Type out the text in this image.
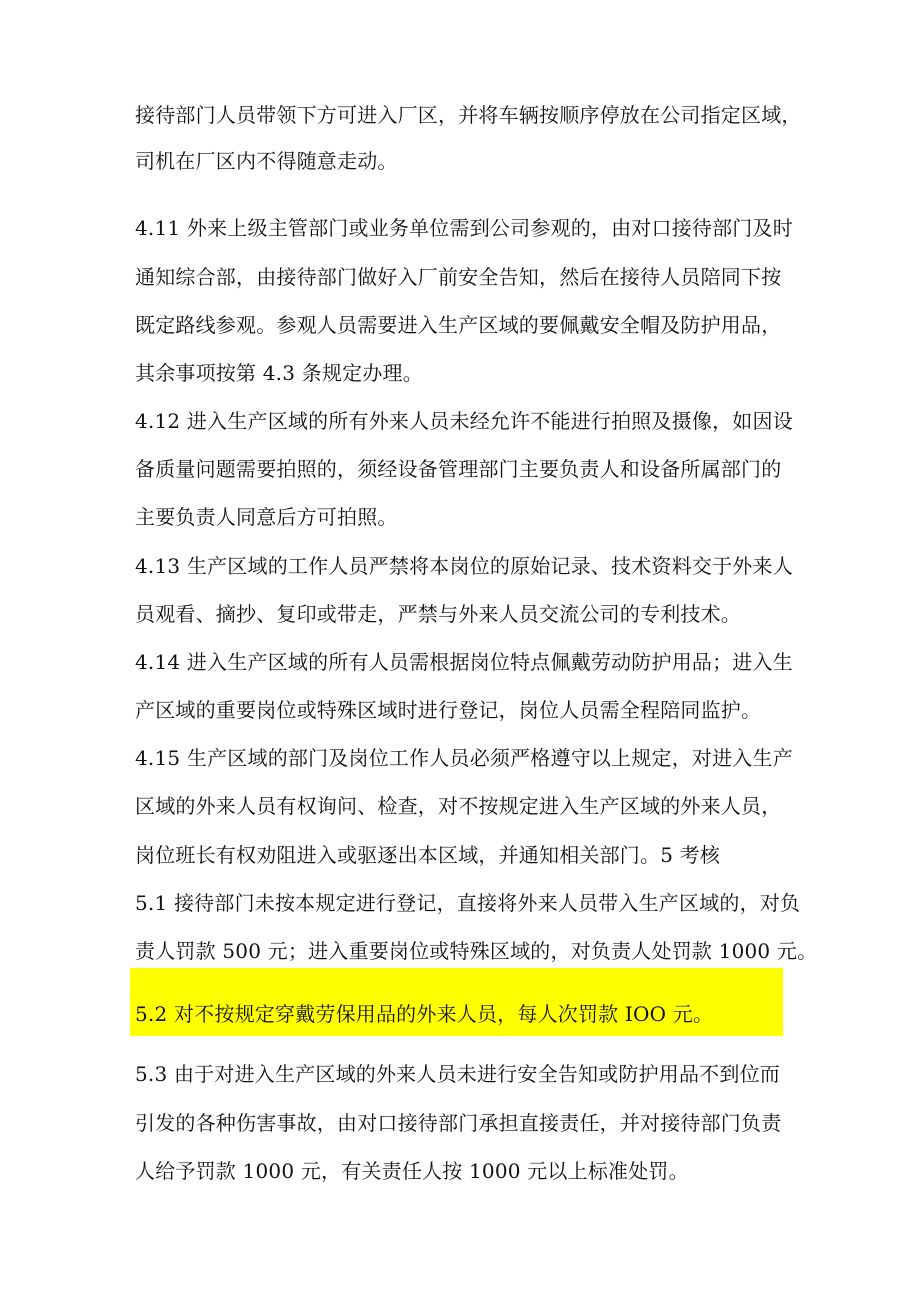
接待部门人员带领下方可进入厂区，并将车辆按顺序停放在公司指定区域，
司机在厂区内不得随意走动。
4.11 外来上级主管部门或业务单位需到公司参观的，由对口接待部门及时
通知综合部，由接待部门做好入厂前安全告知，然后在接待人员陪同下按
既定路线参观。参观人员需要进入生产区域的要佩戴安全帽及防护用品，
其余事项按第 4.3 条规定办理。
4.12 进入生产区域的所有外来人员未经允许不能进行拍照及摄像，如因设
备质量问题需要拍照的，须经设备管理部门主要负责人和设备所属部门的
主要负责人同意后方可拍照。
4.13 生产区域的工作人员严禁将本岗位的原始记录、技术资料交于外来人
员观看、摘抄、复印或带走，严禁与外来人员交流公司的专利技术。
4.14 进入生产区域的所有人员需根据岗位特点佩戴劳动防护用品；进入生
产区域的重要岗位或特殊区域时进行登记，岗位人员需全程陪同监护。
4.15 生产区域的部门及岗位工作人员必须严格遵守以上规定，对进入生产
区域的外来人员有权询问、检查，对不按规定进入生产区域的外来人员，
岗位班长有权劝阻进入或驱逐出本区域，并通知相关部门。5 考核
5.1 接待部门未按本规定进行登记，直接将外来人员带入生产区域的，对负
责人罚款 500 元；进入重要岗位或特殊区域的，对负责人处罚款 1000 元。
5.2 对不按规定穿戴劳保用品的外来人员，每人次罚款 IOO 元。
5.3 由于对进入生产区域的外来人员未进行安全告知或防护用品不到位而
引发的各种伤害事故，由对口接待部门承担直接责任，并对接待部门负责
人给予罚款 1000 元，有关责任人按 1000 元以上标准处罚。
